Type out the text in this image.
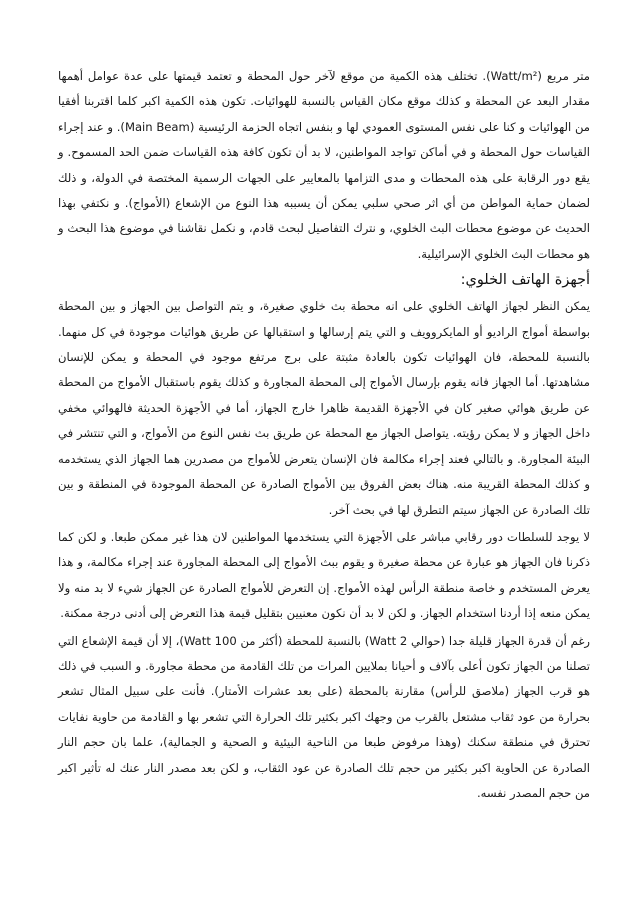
متر مربع (Watt/m²). تختلف هذه الكمية من موقع لآخر حول المحطة و تعتمد قيمتها على عدة عوامل أهمها مقدار البعد عن المحطة و كذلك موقع مكان القياس بالنسبة للهوائيات. تكون هذه الكمية اكبر كلما اقتربنا أفقيا من الهوائيات و كنا على نفس المستوى العمودي لها و بنفس اتجاه الحزمة الرئيسية (Main Beam). و عند إجراء القياسات حول المحطة و في أماكن تواجد المواطنين، لا بد أن تكون كافة هذه القياسات ضمن الحد المسموح. و يقع دور الرقابة على هذه المحطات و مدى التزامها بالمعايير على الجهات الرسمية المختصة في الدولة، و ذلك لضمان حماية المواطن من أي اثر صحي سلبي يمكن أن يسببه هذا النوع من الإشعاع (الأمواج). و نكتفي بهذا الحديث عن موضوع محطات البث الخلوي، و نترك التفاصيل لبحث قادم، و نكمل نقاشنا في موضوع هذا البحث و هو محطات البث الخلوي الإسرائيلية.

أجهزة الهاتف الخلوي:

يمكن النظر لجهاز الهاتف الخلوي على انه محطة بث خلوي صغيرة، و يتم التواصل بين الجهاز و بين المحطة بواسطة أمواج الراديو أو المايكروويف و التي يتم إرسالها و استقبالها عن طريق هوائيات موجودة في كل منهما. بالنسبة للمحطة، فان الهوائيات تكون بالعادة مثبتة على برج مرتفع موجود في المحطة و يمكن للإنسان مشاهدتها. أما الجهاز فانه يقوم بإرسال الأمواج إلى المحطة المجاورة و كذلك يقوم باستقبال الأمواج من المحطة عن طريق هوائي صغير كان في الأجهزة القديمة ظاهرا خارج الجهاز، أما في الأجهزة الحديثة فالهوائي مخفي داخل الجهاز و لا يمكن رؤيته. يتواصل الجهاز مع المحطة عن طريق بث نفس النوع من الأمواج، و التي تنتشر في البيئة المجاورة. و بالتالي فعند إجراء مكالمة فان الإنسان يتعرض للأمواج من مصدرين هما الجهاز الذي يستخدمه و كذلك المحطة القريبة منه. هناك بعض الفروق بين الأمواج الصادرة عن المحطة الموجودة في المنطقة و بين تلك الصادرة عن الجهاز سيتم التطرق لها في بحث آخر.

لا يوجد للسلطات دور رقابي مباشر على الأجهزة التي يستخدمها المواطنين لان هذا غير ممكن طبعا. و لكن كما ذكرنا فان الجهاز هو عبارة عن محطة صغيرة و يقوم ببث الأمواج إلى المحطة المجاورة عند إجراء مكالمة، و هذا يعرض المستخدم و خاصة منطقة الرأس لهذه الأمواج. إن التعرض للأمواج الصادرة عن الجهاز شيء لا بد منه ولا يمكن منعه إذا أردنا استخدام الجهاز. و لكن لا بد أن نكون معنيين بتقليل قيمة هذا التعرض إلى أدنى درجة ممكنة.

رغم أن قدرة الجهاز قليلة جدا (حوالي Watt 2) بالنسبة للمحطة (أكثر من Watt 100)، إلا أن قيمة الإشعاع التي تصلنا من الجهاز تكون أعلى بآلاف و أحيانا بملايين المرات من تلك القادمة من محطة مجاورة. و السبب في ذلك هو قرب الجهاز (ملاصق للرأس) مقارنة بالمحطة (على بعد عشرات الأمتار). فأنت على سبيل المثال تشعر بحرارة من عود ثقاب مشتعل بالقرب من وجهك اكبر بكثير تلك الحرارة التي تشعر بها و القادمة من حاوية نفايات تحترق في منطقة سكنك (وهذا مرفوض طبعا من الناحية البيئية و الصحية و الجمالية)، علما بان حجم النار الصادرة عن الحاوية اكبر بكثير من حجم تلك الصادرة عن عود الثقاب، و لكن بعد مصدر النار عنك له تأثير اكبر من حجم المصدر نفسه.
